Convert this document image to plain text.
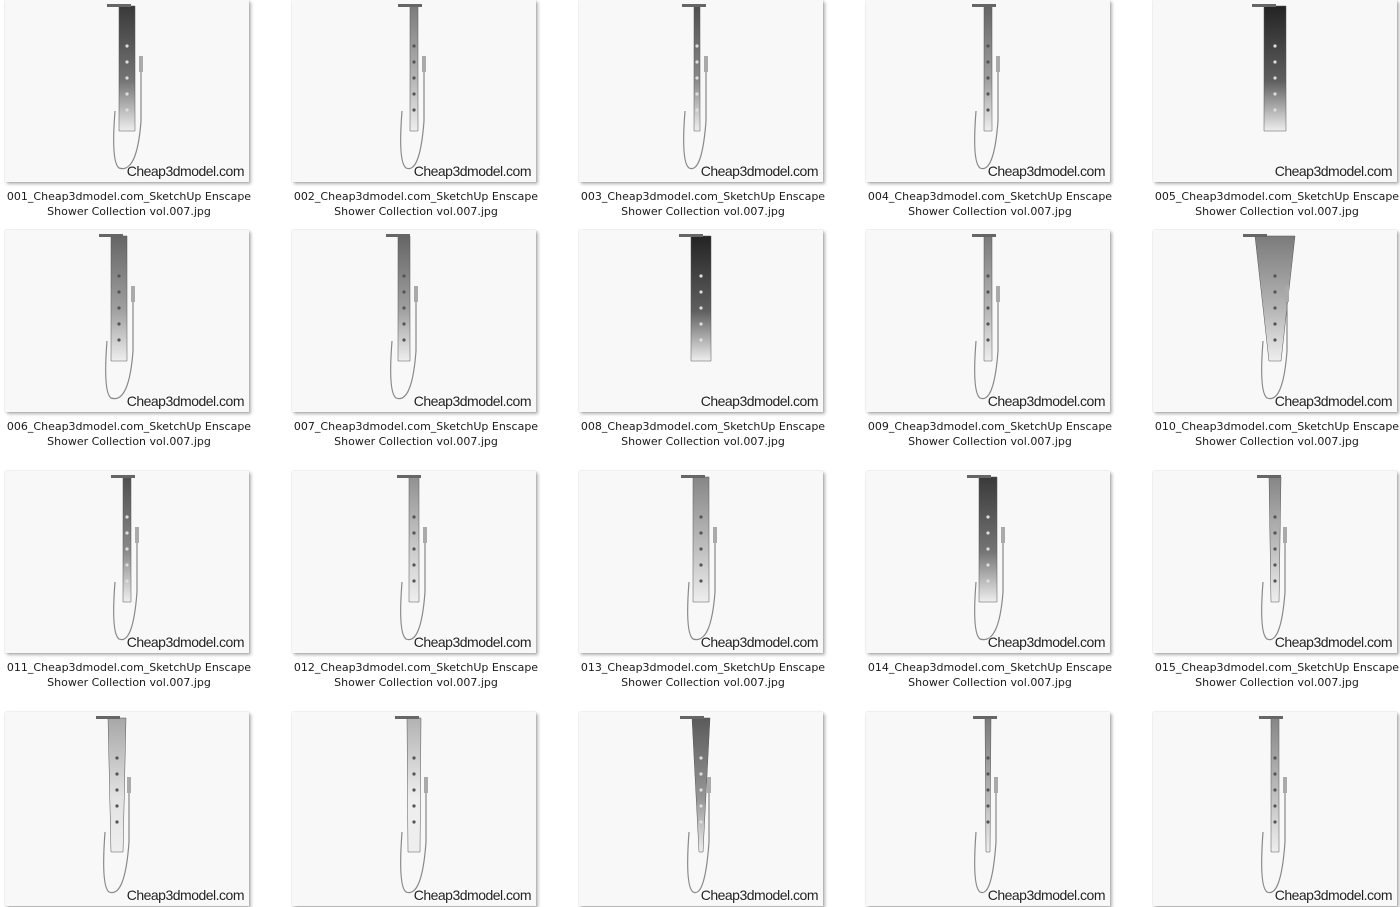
Cheap3dmodel.com
001_Cheap3dmodel.com_SketchUp Enscape
Shower Collection vol.007.jpg
Cheap3dmodel.com
002_Cheap3dmodel.com_SketchUp Enscape
Shower Collection vol.007.jpg
Cheap3dmodel.com
003_Cheap3dmodel.com_SketchUp Enscape
Shower Collection vol.007.jpg
Cheap3dmodel.com
004_Cheap3dmodel.com_SketchUp Enscape
Shower Collection vol.007.jpg
Cheap3dmodel.com
005_Cheap3dmodel.com_SketchUp Enscape
Shower Collection vol.007.jpg
Cheap3dmodel.com
006_Cheap3dmodel.com_SketchUp Enscape
Shower Collection vol.007.jpg
Cheap3dmodel.com
007_Cheap3dmodel.com_SketchUp Enscape
Shower Collection vol.007.jpg
Cheap3dmodel.com
008_Cheap3dmodel.com_SketchUp Enscape
Shower Collection vol.007.jpg
Cheap3dmodel.com
009_Cheap3dmodel.com_SketchUp Enscape
Shower Collection vol.007.jpg
Cheap3dmodel.com
010_Cheap3dmodel.com_SketchUp Enscape
Shower Collection vol.007.jpg
Cheap3dmodel.com
011_Cheap3dmodel.com_SketchUp Enscape
Shower Collection vol.007.jpg
Cheap3dmodel.com
012_Cheap3dmodel.com_SketchUp Enscape
Shower Collection vol.007.jpg
Cheap3dmodel.com
013_Cheap3dmodel.com_SketchUp Enscape
Shower Collection vol.007.jpg
Cheap3dmodel.com
014_Cheap3dmodel.com_SketchUp Enscape
Shower Collection vol.007.jpg
Cheap3dmodel.com
015_Cheap3dmodel.com_SketchUp Enscape
Shower Collection vol.007.jpg
Cheap3dmodel.com	Cheap3dmodel.com	Cheap3dmodel.com	Cheap3dmodel.com	Cheap3dmodel.com
